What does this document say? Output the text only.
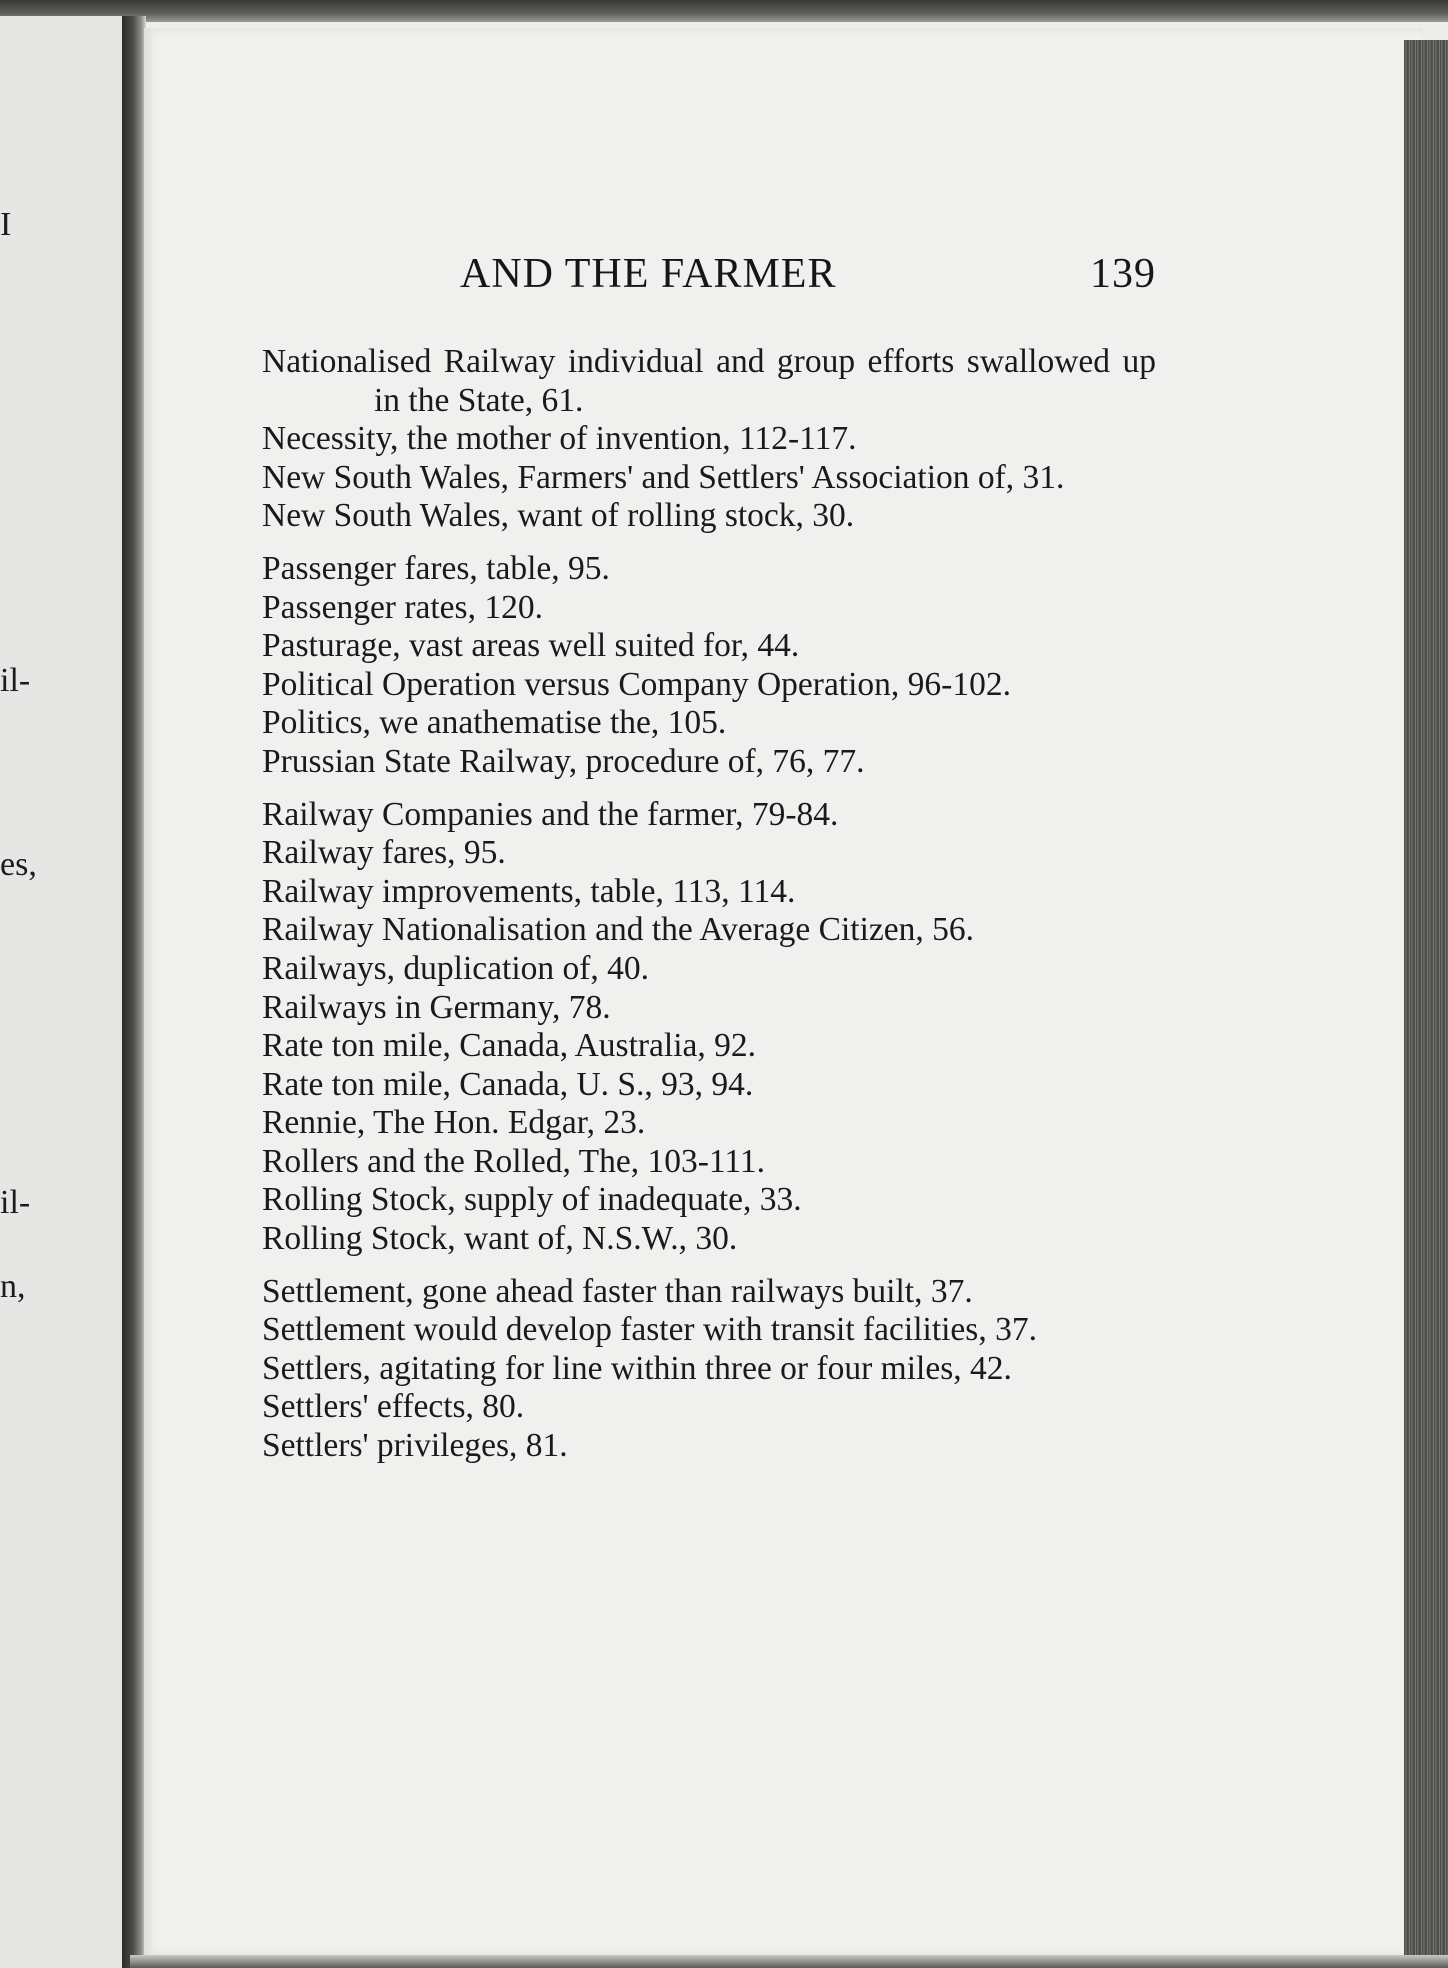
I
il-
es,
il-
n,
AND THE FARMER	139
Nationalised Railway individual and group efforts swallowed up in the State, 61.
Necessity, the mother of invention, 112-117.
New South Wales, Farmers' and Settlers' Association of, 31.
New South Wales, want of rolling stock, 30.
Passenger fares, table, 95.
Passenger rates, 120.
Pasturage, vast areas well suited for, 44.
Political Operation versus Company Operation, 96-102.
Politics, we anathematise the, 105.
Prussian State Railway, procedure of, 76, 77.
Railway Companies and the farmer, 79-84.
Railway fares, 95.
Railway improvements, table, 113, 114.
Railway Nationalisation and the Average Citizen, 56.
Railways, duplication of, 40.
Railways in Germany, 78.
Rate ton mile, Canada, Australia, 92.
Rate ton mile, Canada, U. S., 93, 94.
Rennie, The Hon. Edgar, 23.
Rollers and the Rolled, The, 103-111.
Rolling Stock, supply of inadequate, 33.
Rolling Stock, want of, N.S.W., 30.
Settlement, gone ahead faster than railways built, 37.
Settlement would develop faster with transit facilities, 37.
Settlers, agitating for line within three or four miles, 42.
Settlers' effects, 80.
Settlers' privileges, 81.
